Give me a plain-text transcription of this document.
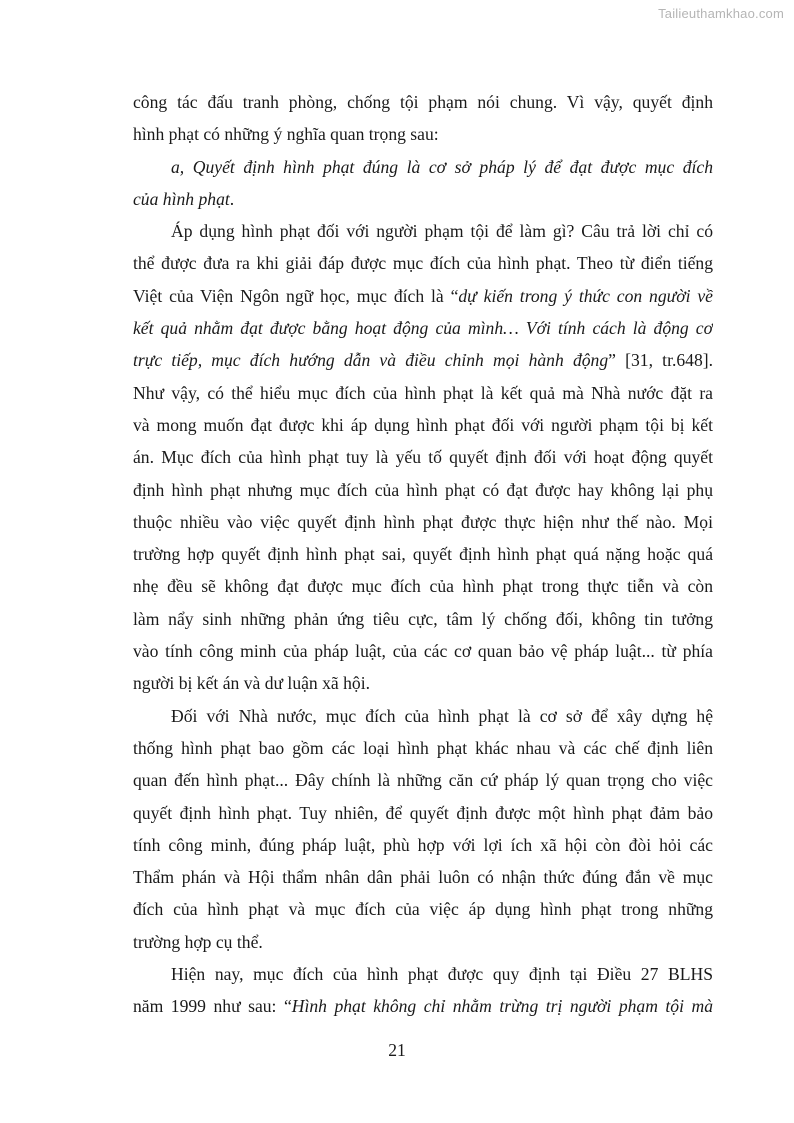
Tailieuthamkhao.com
công tác đấu tranh phòng, chống tội phạm nói chung. Vì vậy, quyết định
hình phạt có những ý nghĩa quan trọng sau:
a, Quyết định hình phạt đúng là cơ sở pháp lý để đạt được mục đích
của hình phạt.
Áp dụng hình phạt đối với người phạm tội để làm gì? Câu trả lời chỉ có
thể được đưa ra khi giải đáp được mục đích của hình phạt. Theo từ điển tiếng
Việt của Viện Ngôn ngữ học, mục đích là “dự kiến trong ý thức con người về
kết quả nhằm đạt được bằng hoạt động của mình… Với tính cách là động cơ
trực tiếp, mục đích hướng dẫn và điều chỉnh mọi hành động” [31, tr.648].
Như vậy, có thể hiểu mục đích của hình phạt là kết quả mà Nhà nước đặt ra
và mong muốn đạt được khi áp dụng hình phạt đối với người phạm tội bị kết
án. Mục đích của hình phạt tuy là yếu tố quyết định đối với hoạt động quyết
định hình phạt nhưng mục đích của hình phạt có đạt được hay không lại phụ
thuộc nhiều vào việc quyết định hình phạt được thực hiện như thế nào. Mọi
trường hợp quyết định hình phạt sai, quyết định hình phạt quá nặng hoặc quá
nhẹ đều sẽ không đạt được mục đích của hình phạt trong thực tiễn và còn
làm nẩy sinh những phản ứng tiêu cực, tâm lý chống đối, không tin tưởng
vào tính công minh của pháp luật, của các cơ quan bảo vệ pháp luật... từ phía
người bị kết án và dư luận xã hội.
Đối với Nhà nước, mục đích của hình phạt là cơ sở để xây dựng hệ
thống hình phạt bao gồm các loại hình phạt khác nhau và các chế định liên
quan đến hình phạt... Đây chính là những căn cứ pháp lý quan trọng cho việc
quyết định hình phạt. Tuy nhiên, để quyết định được một hình phạt đảm bảo
tính công minh, đúng pháp luật, phù hợp với lợi ích xã hội còn đòi hỏi các
Thẩm phán và Hội thẩm nhân dân phải luôn có nhận thức đúng đắn về mục
đích của hình phạt và mục đích của việc áp dụng hình phạt trong những
trường hợp cụ thể.
Hiện nay, mục đích của hình phạt được quy định tại Điều 27 BLHS
năm 1999 như sau: “Hình phạt không chỉ nhằm trừng trị người phạm tội mà
21
